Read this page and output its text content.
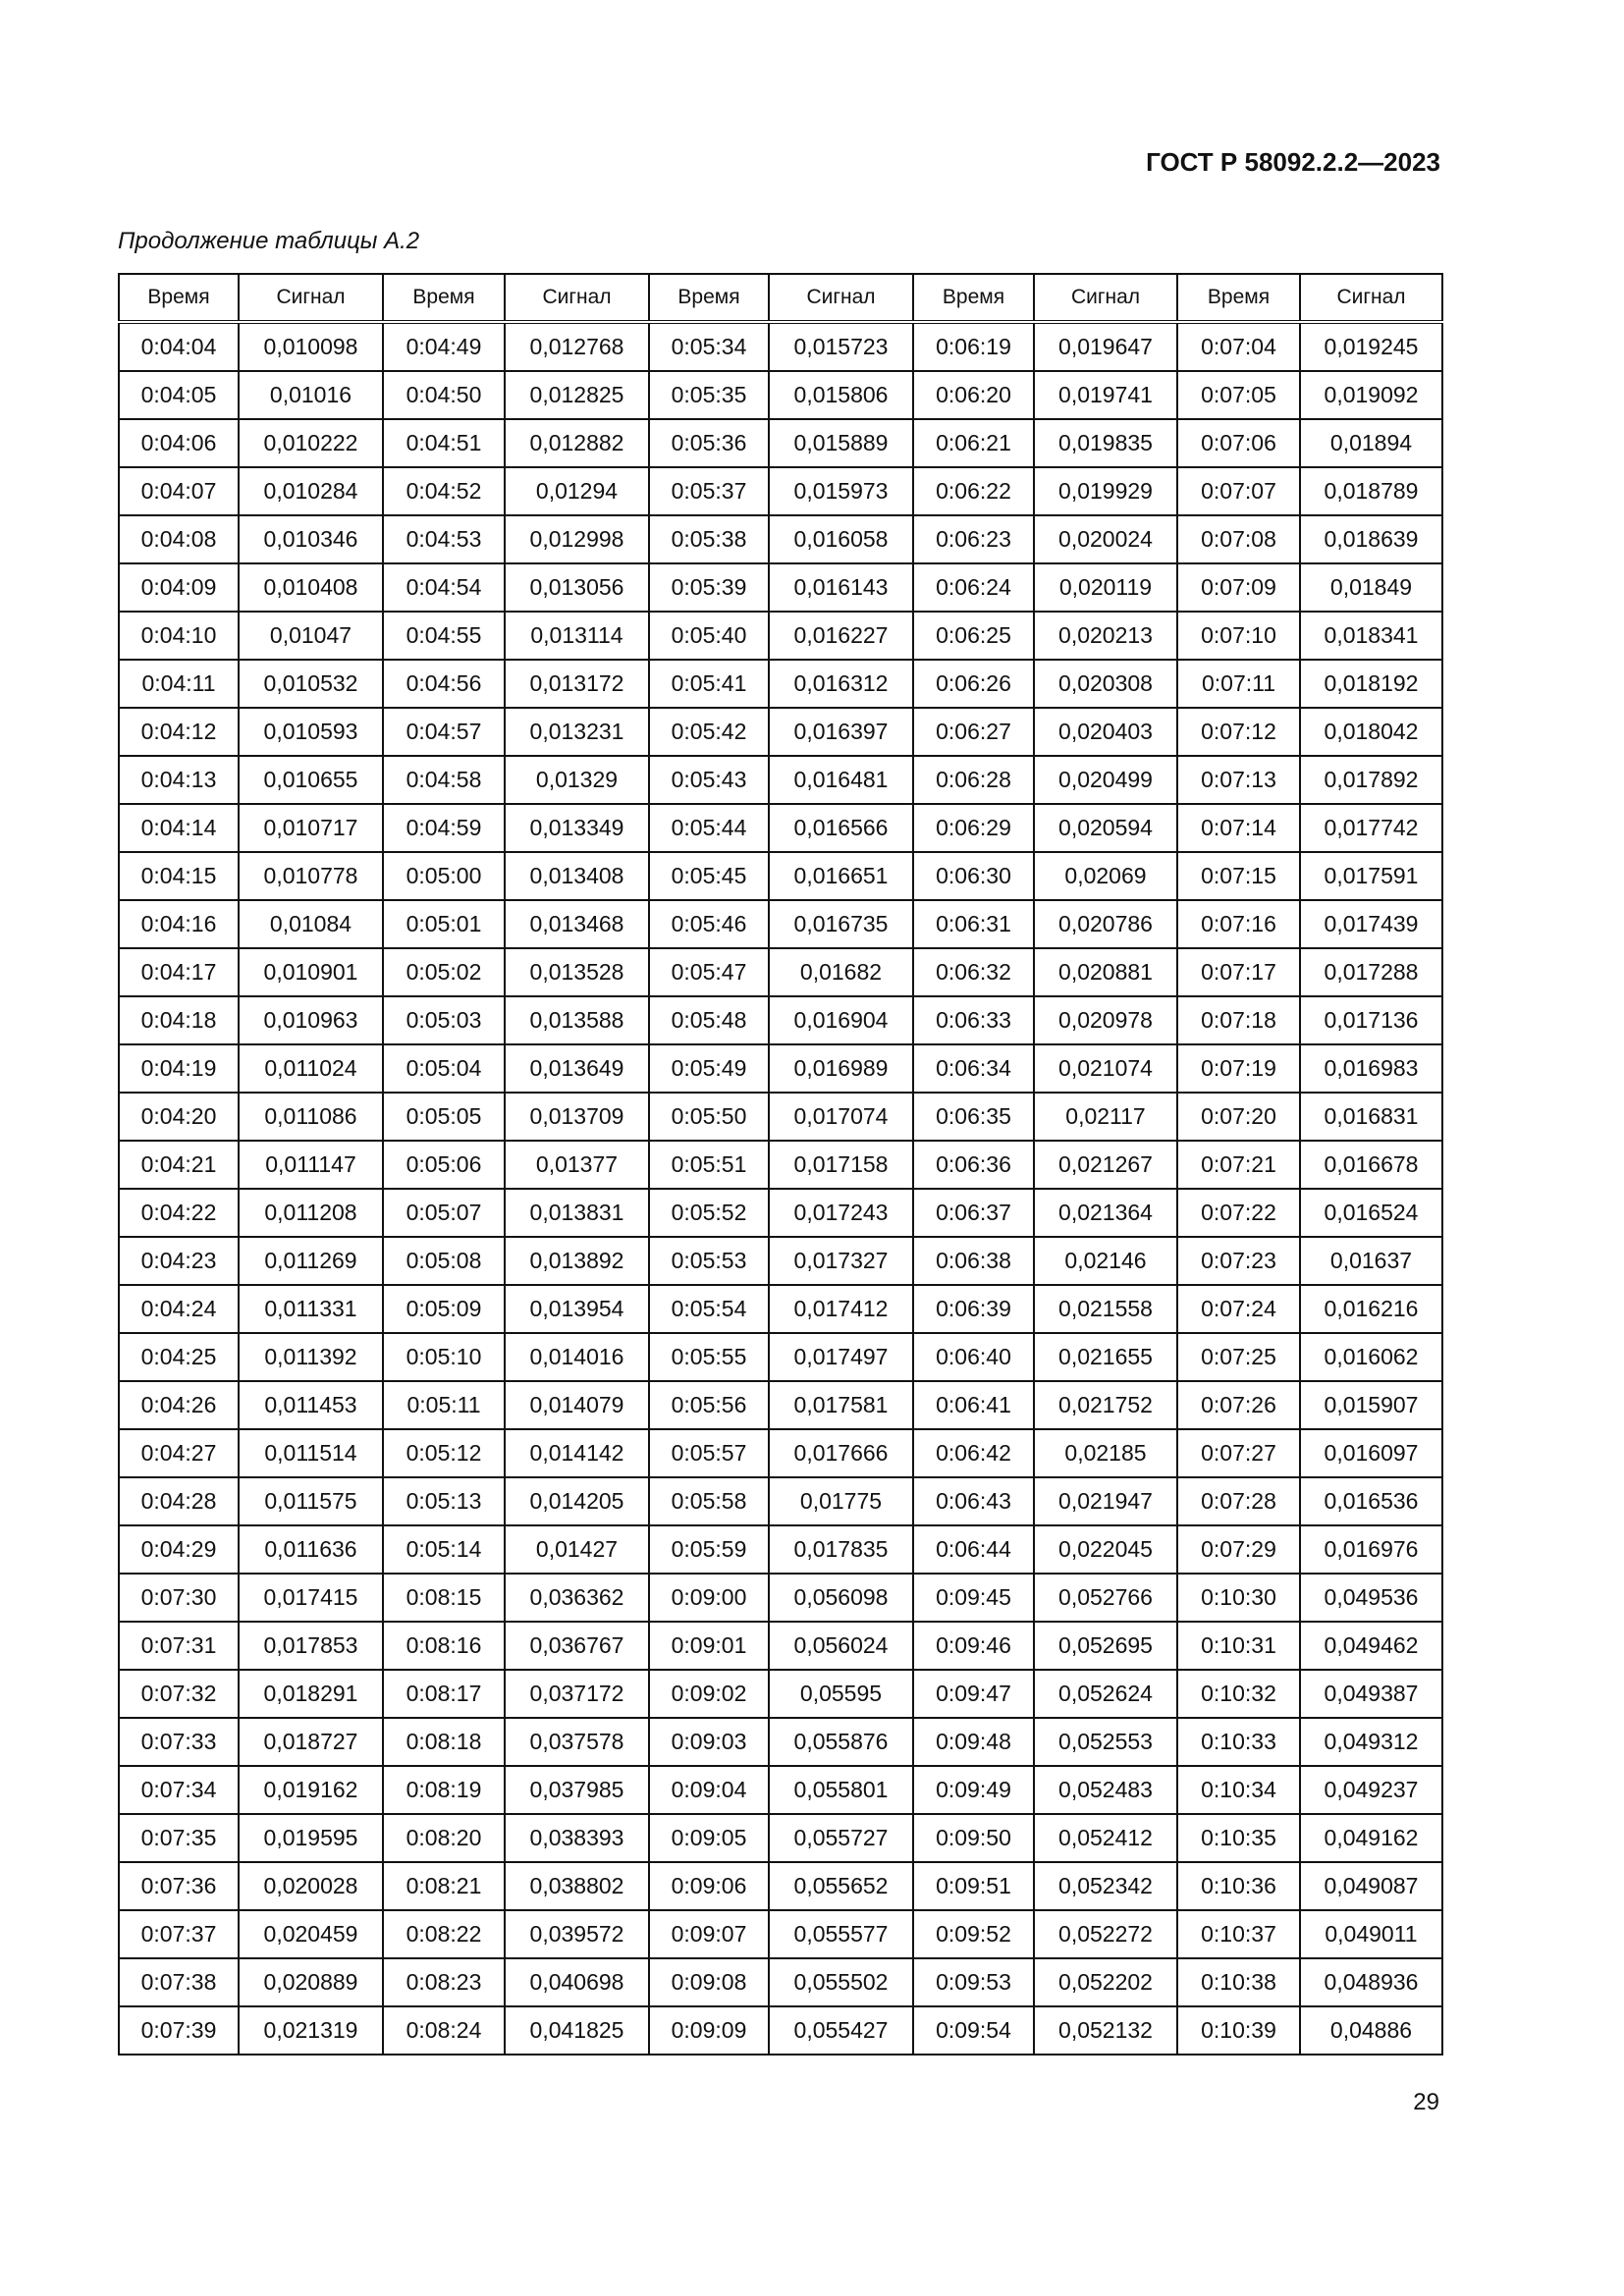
ГОСТ Р 58092.2.2—2023
Продолжение таблицы А.2
Время	Сигнал	Время	Сигнал	Время	Сигнал	Время	Сигнал	Время	Сигнал
0:04:04	0,010098	0:04:49	0,012768	0:05:34	0,015723	0:06:19	0,019647	0:07:04	0,019245
0:04:05	0,01016	0:04:50	0,012825	0:05:35	0,015806	0:06:20	0,019741	0:07:05	0,019092
0:04:06	0,010222	0:04:51	0,012882	0:05:36	0,015889	0:06:21	0,019835	0:07:06	0,01894
0:04:07	0,010284	0:04:52	0,01294	0:05:37	0,015973	0:06:22	0,019929	0:07:07	0,018789
0:04:08	0,010346	0:04:53	0,012998	0:05:38	0,016058	0:06:23	0,020024	0:07:08	0,018639
0:04:09	0,010408	0:04:54	0,013056	0:05:39	0,016143	0:06:24	0,020119	0:07:09	0,01849
0:04:10	0,01047	0:04:55	0,013114	0:05:40	0,016227	0:06:25	0,020213	0:07:10	0,018341
0:04:11	0,010532	0:04:56	0,013172	0:05:41	0,016312	0:06:26	0,020308	0:07:11	0,018192
0:04:12	0,010593	0:04:57	0,013231	0:05:42	0,016397	0:06:27	0,020403	0:07:12	0,018042
0:04:13	0,010655	0:04:58	0,01329	0:05:43	0,016481	0:06:28	0,020499	0:07:13	0,017892
0:04:14	0,010717	0:04:59	0,013349	0:05:44	0,016566	0:06:29	0,020594	0:07:14	0,017742
0:04:15	0,010778	0:05:00	0,013408	0:05:45	0,016651	0:06:30	0,02069	0:07:15	0,017591
0:04:16	0,01084	0:05:01	0,013468	0:05:46	0,016735	0:06:31	0,020786	0:07:16	0,017439
0:04:17	0,010901	0:05:02	0,013528	0:05:47	0,01682	0:06:32	0,020881	0:07:17	0,017288
0:04:18	0,010963	0:05:03	0,013588	0:05:48	0,016904	0:06:33	0,020978	0:07:18	0,017136
0:04:19	0,011024	0:05:04	0,013649	0:05:49	0,016989	0:06:34	0,021074	0:07:19	0,016983
0:04:20	0,011086	0:05:05	0,013709	0:05:50	0,017074	0:06:35	0,02117	0:07:20	0,016831
0:04:21	0,011147	0:05:06	0,01377	0:05:51	0,017158	0:06:36	0,021267	0:07:21	0,016678
0:04:22	0,011208	0:05:07	0,013831	0:05:52	0,017243	0:06:37	0,021364	0:07:22	0,016524
0:04:23	0,011269	0:05:08	0,013892	0:05:53	0,017327	0:06:38	0,02146	0:07:23	0,01637
0:04:24	0,011331	0:05:09	0,013954	0:05:54	0,017412	0:06:39	0,021558	0:07:24	0,016216
0:04:25	0,011392	0:05:10	0,014016	0:05:55	0,017497	0:06:40	0,021655	0:07:25	0,016062
0:04:26	0,011453	0:05:11	0,014079	0:05:56	0,017581	0:06:41	0,021752	0:07:26	0,015907
0:04:27	0,011514	0:05:12	0,014142	0:05:57	0,017666	0:06:42	0,02185	0:07:27	0,016097
0:04:28	0,011575	0:05:13	0,014205	0:05:58	0,01775	0:06:43	0,021947	0:07:28	0,016536
0:04:29	0,011636	0:05:14	0,01427	0:05:59	0,017835	0:06:44	0,022045	0:07:29	0,016976
0:07:30	0,017415	0:08:15	0,036362	0:09:00	0,056098	0:09:45	0,052766	0:10:30	0,049536
0:07:31	0,017853	0:08:16	0,036767	0:09:01	0,056024	0:09:46	0,052695	0:10:31	0,049462
0:07:32	0,018291	0:08:17	0,037172	0:09:02	0,05595	0:09:47	0,052624	0:10:32	0,049387
0:07:33	0,018727	0:08:18	0,037578	0:09:03	0,055876	0:09:48	0,052553	0:10:33	0,049312
0:07:34	0,019162	0:08:19	0,037985	0:09:04	0,055801	0:09:49	0,052483	0:10:34	0,049237
0:07:35	0,019595	0:08:20	0,038393	0:09:05	0,055727	0:09:50	0,052412	0:10:35	0,049162
0:07:36	0,020028	0:08:21	0,038802	0:09:06	0,055652	0:09:51	0,052342	0:10:36	0,049087
0:07:37	0,020459	0:08:22	0,039572	0:09:07	0,055577	0:09:52	0,052272	0:10:37	0,049011
0:07:38	0,020889	0:08:23	0,040698	0:09:08	0,055502	0:09:53	0,052202	0:10:38	0,048936
0:07:39	0,021319	0:08:24	0,041825	0:09:09	0,055427	0:09:54	0,052132	0:10:39	0,04886
29
